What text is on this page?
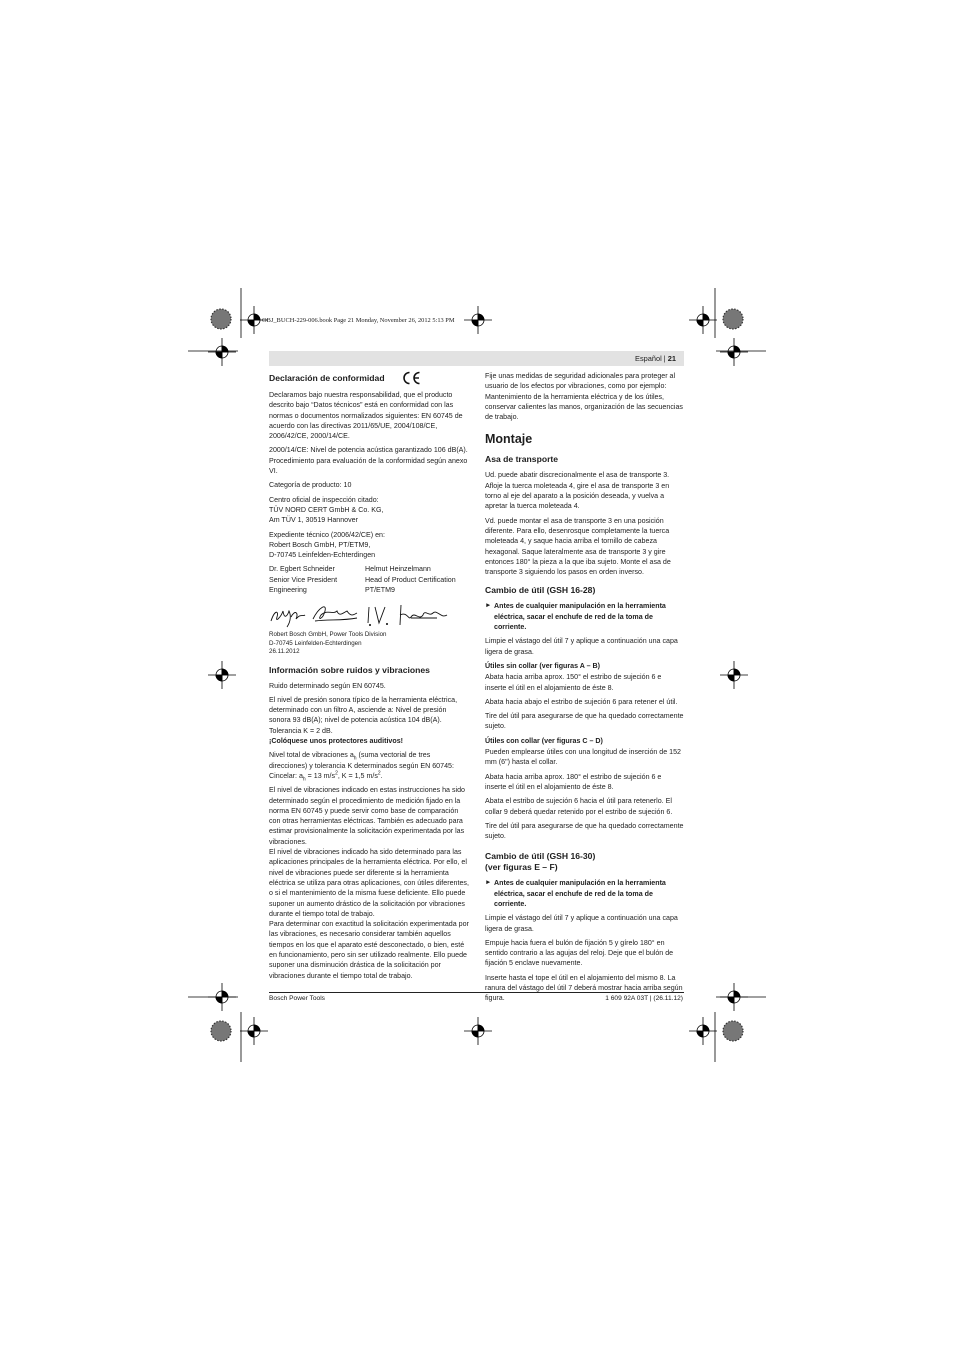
OBJ_BUCH-229-006.book Page 21 Monday, November 26, 2012 5:13 PM
Español | 21
Declaración de conformidad

Declaramos bajo nuestra responsabilidad, que el producto descrito bajo “Datos técnicos” está en conformidad con las normas o documentos normalizados siguientes: EN 60745 de acuerdo con las directivas 2011/65/UE, 2004/108/CE, 2006/42/CE, 2000/14/CE.

2000/14/CE: Nivel de potencia acústica garantizado 106 dB(A). Procedimiento para evaluación de la conformidad según anexo VI.

Categoría de producto: 10

Centro oficial de inspección citado:
TÜV NORD CERT GmbH & Co. KG,
Am TÜV 1, 30519 Hannover

Expediente técnico (2006/42/CE) en:
Robert Bosch GmbH, PT/ETM9,
D-70745 Leinfelden-Echterdingen

Dr. Egbert Schneider	Helmut Heinzelmann
Senior Vice President	Head of Product Certification
Engineering	PT/ETM9

Robert Bosch GmbH, Power Tools Division
D-70745 Leinfelden-Echterdingen
26.11.2012

Información sobre ruidos y vibraciones

Ruido determinado según EN 60745.

El nivel de presión sonora típico de la herramienta eléctrica, determinado con un filtro A, asciende a: Nivel de presión sonora 93 dB(A); nivel de potencia acústica 104 dB(A). Tolerancia K = 2 dB.

¡Colóquese unos protectores auditivos!

Nivel total de vibraciones $a_h$ (suma vectorial de tres direcciones) y tolerancia K determinados según EN 60745:
Cincelar: $a_h = 13$ $m/s^2$, K = 1,5 $m/s^2$.

El nivel de vibraciones indicado en estas instrucciones ha sido determinado según el procedimiento de medición fijado en la norma EN 60745 y puede servir como base de comparación con otras herramientas eléctricas. También es adecuado para estimar provisionalmente la solicitación experimentada por las vibraciones.

El nivel de vibraciones indicado ha sido determinado para las aplicaciones principales de la herramienta eléctrica. Por ello, el nivel de vibraciones puede ser diferente si la herramienta eléctrica se utiliza para otras aplicaciones, con útiles diferentes, o si el mantenimiento de la misma fuese deficiente. Ello puede suponer un aumento drástico de la solicitación por vibraciones durante el tiempo total de trabajo.

Para determinar con exactitud la solicitación experimentada por las vibraciones, es necesario considerar también aquellos tiempos en los que el aparato esté desconectado, o bien, esté en funcionamiento, pero sin ser utilizado realmente. Ello puede suponer una disminución drástica de la solicitación por vibraciones durante el tiempo total de trabajo.

Fije unas medidas de seguridad adicionales para proteger al usuario de los efectos por vibraciones, como por ejemplo: Mantenimiento de la herramienta eléctrica y de los útiles, conservar calientes las manos, organización de las secuencias de trabajo.

Montaje
Asa de transporte

Ud. puede abatir discrecionalmente el asa de transporte 3. Afloje la tuerca moleteada 4, gire el asa de transporte 3 en torno al eje del aparato a la posición deseada, y vuelva a apretar la tuerca moleteada 4.

Vd. puede montar el asa de transporte 3 en una posición diferente. Para ello, desenrosque completamente la tuerca moleteada 4, y saque hacia arriba el tornillo de cabeza hexagonal. Saque lateralmente asa de transporte 3 y gire entonces 180° la pieza a la que iba sujeto. Monte el asa de transporte 3 siguiendo los pasos en orden inverso.

Cambio de útil (GSH 16-28)
► Antes de cualquier manipulación en la herramienta eléctrica, sacar el enchufe de red de la toma de corriente.

Limpie el vástago del útil 7 y aplique a continuación una capa ligera de grasa.

Útiles sin collar (ver figuras A – B)

Abata hacia arriba aprox. 150° el estribo de sujeción 6 e inserte el útil en el alojamiento de éste 8.

Abata hacia abajo el estribo de sujeción 6 para retener el útil.

Tire del útil para asegurarse de que ha quedado correctamente sujeto.

Útiles con collar (ver figuras C – D)

Pueden emplearse útiles con una longitud de inserción de 152 mm (6") hasta el collar.

Abata hacia arriba aprox. 180° el estribo de sujeción 6 e inserte el útil en el alojamiento de éste 8.

Abata el estribo de sujeción 6 hacia el útil para retenerlo. El collar 9 deberá quedar retenido por el estribo de sujeción 6.

Tire del útil para asegurarse de que ha quedado correctamente sujeto.

Cambio de útil (GSH 16-30)
(ver figuras E – F)
► Antes de cualquier manipulación en la herramienta eléctrica, sacar el enchufe de red de la toma de corriente.

Limpie el vástago del útil 7 y aplique a continuación una capa ligera de grasa.

Empuje hacia fuera el bulón de fijación 5 y gírelo 180° en sentido contrario a las agujas del reloj. Deje que el bulón de fijación 5 enclave nuevamente.

Inserte hasta el tope el útil en el alojamiento del mismo 8. La ranura del vástago del útil 7 deberá mostrar hacia arriba según figura.

Bosch Power Tools	1 609 92A 03T | (26.11.12)
